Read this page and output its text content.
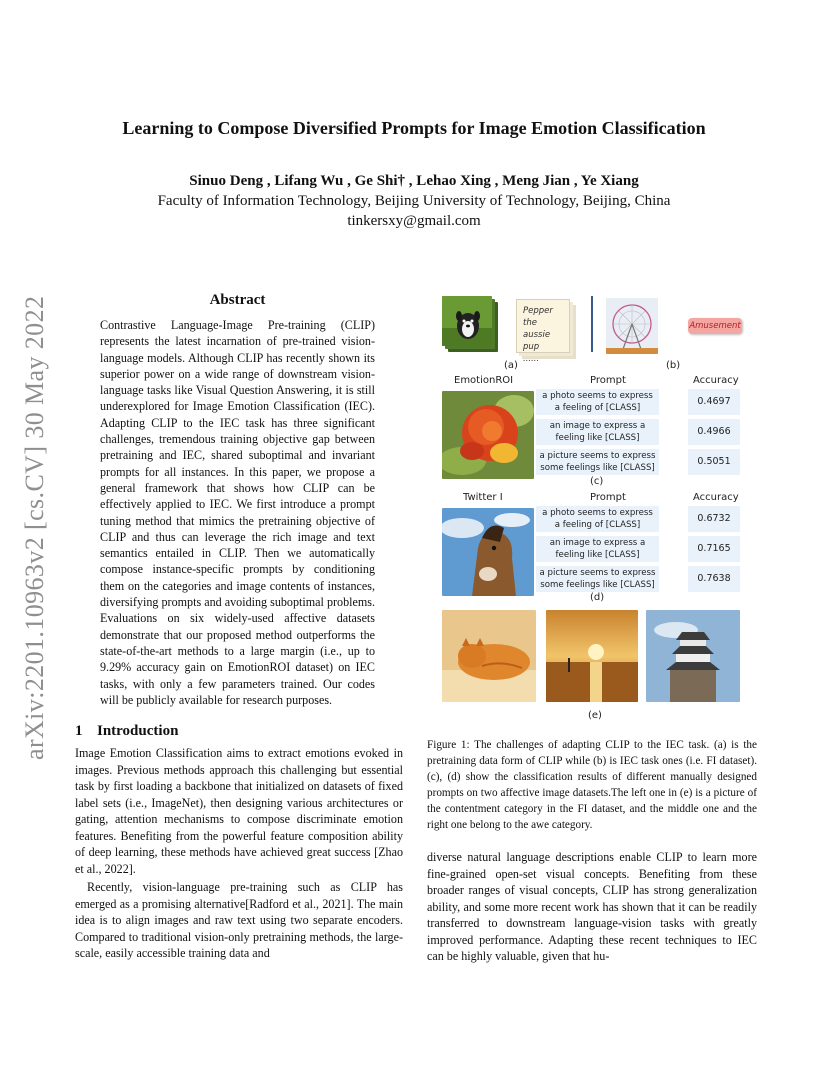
arXiv:2201.10963v2 [cs.CV] 30 May 2022
Learning to Compose Diversified Prompts for Image Emotion Classification
Sinuo Deng , Lifang Wu , Ge Shi† , Lehao Xing , Meng Jian , Ye Xiang
Faculty of Information Technology, Beijing University of Technology, Beijing, China
tinkersxy@gmail.com
Abstract
Contrastive Language-Image Pre-training (CLIP) represents the latest incarnation of pre-trained vision-language models. Although CLIP has recently shown its superior power on a wide range of downstream vision-language tasks like Visual Question Answering, it is still underexplored for Image Emotion Classification (IEC). Adapting CLIP to the IEC task has three significant challenges, tremendous training objective gap between pretraining and IEC, shared suboptimal and invariant prompts for all instances. In this paper, we propose a general framework that shows how CLIP can be effectively applied to IEC. We first introduce a prompt tuning method that mimics the pretraining objective of CLIP and thus can leverage the rich image and text semantics entailed in CLIP. Then we automatically compose instance-specific prompts by conditioning them on the categories and image contents of instances, diversifying prompts and avoiding suboptimal problems. Evaluations on six widely-used affective datasets demonstrate that our proposed method outperforms the state-of-the-art methods to a large margin (i.e., up to 9.29% accuracy gain on EmotionROI dataset) on IEC tasks, with only a few parameters trained. Our codes will be publicly available for research purposes.
1 Introduction
Image Emotion Classification aims to extract emotions evoked in images. Previous methods approach this challenging but essential task by first loading a backbone that initialized on datasets of fixed label sets (i.e., ImageNet), then designing various architectures or gating, attention mechanisms to compose discriminate emotion features. Benefiting from the powerful feature composition ability of deep learning, these methods have achieved great success [Zhao et al., 2022].
Recently, vision-language pre-training such as CLIP has emerged as a promising alternative[Radford et al., 2021]. The main idea is to align images and raw text using two separate encoders. Compared to traditional vision-only pretraining methods, the large-scale, easily accessible training data and
Pepper the aussie pup
......
(a)
Amusement
(b)
EmotionROI	Prompt	Accuracy
a photo seems to express a feeling of [CLASS]
0.4697
an image to express a feeling like [CLASS]
0.4966
a picture seems to express some feelings like [CLASS]
0.5051
(c)
Twitter I	Prompt	Accuracy
a photo seems to express a feeling of [CLASS]
0.6732
an image to express a feeling like [CLASS]
0.7165
a picture seems to express some feelings like [CLASS]
0.7638
(d)
(e)
Figure 1: The challenges of adapting CLIP to the IEC task. (a) is the pretraining data form of CLIP while (b) is IEC task ones (i.e. FI dataset). (c), (d) show the classification results of different manually designed prompts on two affective image datasets.The left one in (e) is a picture of the contentment category in the FI dataset, and the middle one and the right one belong to the awe category.
diverse natural language descriptions enable CLIP to learn more fine-grained open-set visual concepts. Benefiting from these broader ranges of visual concepts, CLIP has strong generalization ability, and some more recent work has shown that it can be readily transferred to downstream language-vision tasks with greatly improved performance. Adapting these recent techniques to IEC can be highly valuable, given that hu-
